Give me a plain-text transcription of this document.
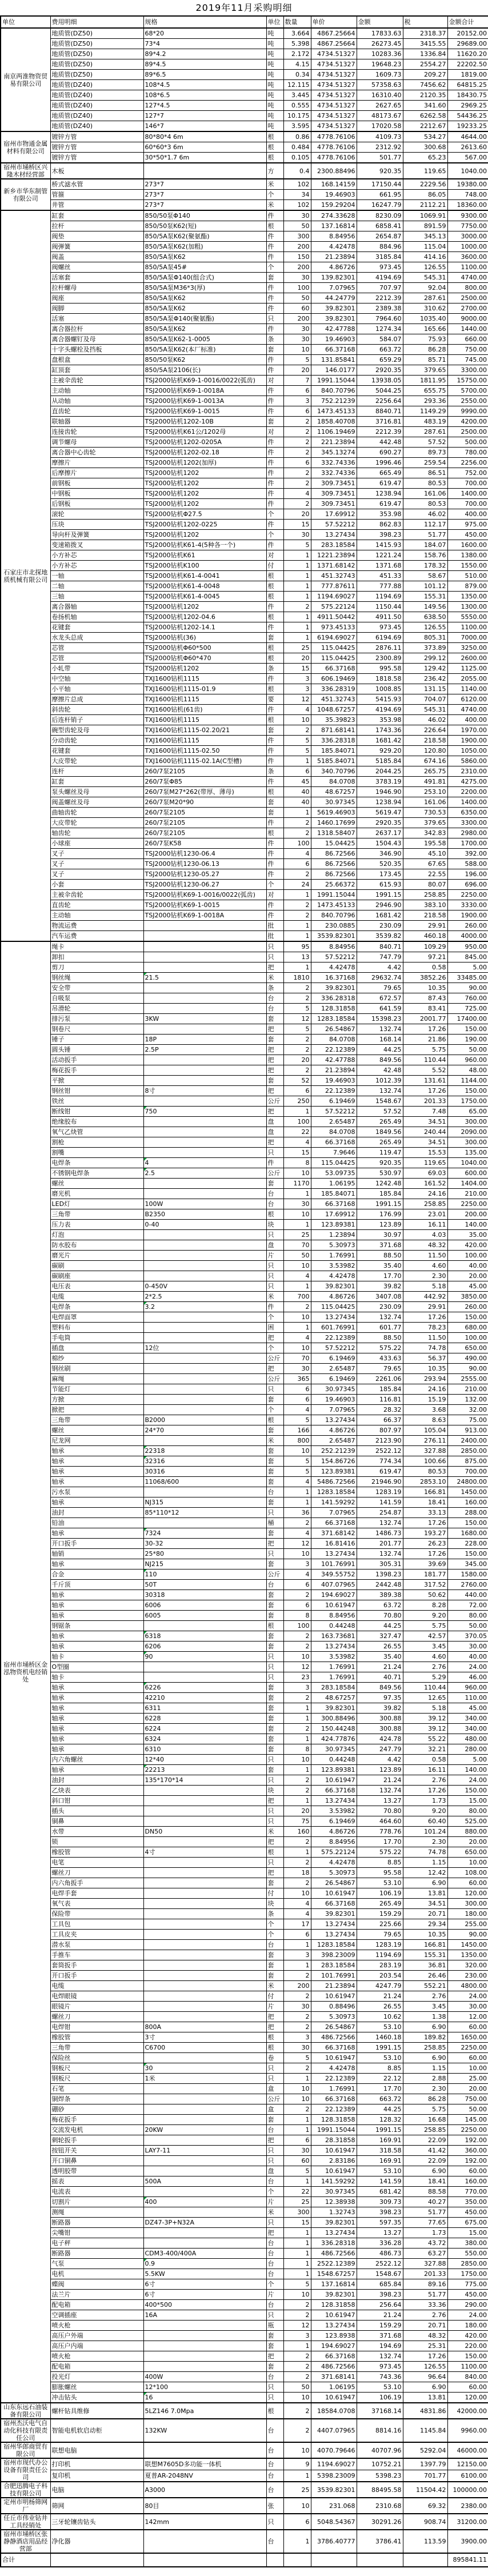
2019年11月采购明细
单位	费用明细	规格	单位	数量	单价	金额	税	金额合计
南京两淮物资贸易有限公司	地质管(DZ50)	68*20	吨	3.664	4867.25664	17833.63	2318.37	20152.00
	地质管(DZ50)	73*4	吨	5.398	4867.25664	26273.45	3415.55	29689.00
	地质管(DZ50)	89*4.2	吨	2.172	4734.51327	10283.36	1336.84	11620.20
	地质管(DZ50)	89*4.5	吨	4.15	4734.51327	19648.23	2554.27	22202.50
	地质管(DZ50)	89*6.5	吨	0.34	4734.51327	1609.73	209.27	1819.00
	地质管(DZ40)	108*4.5	吨	12.115	4734.51327	57358.63	7456.62	64815.25
	地质管(DZ40)	108*6.5	吨	3.445	4734.51327	16310.40	2120.35	18430.75
	地质管(DZ40)	127*4.5	吨	0.555	4734.51327	2627.65	341.60	2969.25
	地质管(DZ40)	127*7	吨	10.175	4734.51327	48173.67	6262.58	54436.25
	地质管(DZ40)	146*7	吨	3.595	4734.51327	17020.58	2212.67	19233.25
宿州市物通金属材料有限公司	镀锌方管	80*80*4 6m	根	0.86	4778.76106	4109.73	534.27	4644.00
	镀锌方管	60*60*3 6m	根	0.484	4778.76106	2312.92	300.68	2613.60
	镀锌方管	30*50*1.7 6m	根	0.105	4778.76106	501.77	65.23	567.00
宿州市埇桥区兴隆木材经营部	木板		方	0.4	2300.88496	920.35	119.65	1040.00
新乡市华东制管有限公司	桥式滤水管	273*7	米	102	168.14159	17150.44	2229.56	19380.00
	管箍	273*7	个	34	19.46903	661.95	86.05	748.00
	井管	273*7	米	102	159.29204	16247.79	2112.21	18360.00
石家庄市北探地质机械有限公司	缸套	850/50泵Φ140	件	30	274.33628	8230.09	1069.91	9300.00
	拉杆	850/50泵K62(短)	根	50	137.16814	6858.41	891.59	7750.00
	阀垫	850/5A泵K62(聚氨酯)	件	300	8.84956	2654.87	345.13	3000.00
	阀弹簧	850/5A泵K62(加粗)	件	200	4.42478	884.96	115.04	1000.00
	阀盖	850/5A泵K62	件	150	21.23894	3185.84	414.16	3600.00
	阀螺丝	850/5A泵45#	个	200	4.86726	973.45	126.55	1100.00
	活塞套	850/5A泵Φ140(组合式)	套	30	139.82301	4194.69	545.31	4740.00
	拉杆螺母	850/5A泵M36*3(厚)	件	100	7.07965	707.97	92.04	800.00
	阀座	850/5A泵K62	件	50	44.24779	2212.39	287.61	2500.00
	阀脚	850/5A泵K62	件	60	39.82301	2389.38	310.62	2700.00
	活塞	850/5A泵Φ140(聚氨酯)	只	200	39.82301	7964.60	1035.40	9000.00
	离合器拉杆	850/5A泵K62	件	30	42.47788	1274.34	165.66	1440.00
	离合器螺钉及母	850/5A泵K62-1-0005	条	30	19.46903	584.07	75.93	660.00
	十字头螺栓及挡板	850/5A泵K62(本厂标准)	套	10	66.37168	663.72	86.28	750.00
	盘根盒	850/50泵K62	件	5	131.85841	659.29	85.71	745.00
	缸顶套	850/5A泵2106(长)	件	20	146.0177	2920.35	379.65	3300.00
	主被伞齿轮	TSJ2000钻机K69-1-0016/0022(弧齿)	对	7	1991.15044	13938.05	1811.95	15750.00
	主动轴	TSJ2000钻机K69-1-0018A	件	6	840.70796	5044.25	655.75	5700.00
	从动轴	TSJ2000钻机K69-1-0013A	件	3	752.21239	2256.64	293.36	2550.00
	直齿轮	TSJ2000钻机K69-1-0015	件	6	1473.45133	8840.71	1149.29	9990.00
	联轴器	TSJ2000钻机1202-10B	套	2	1858.40708	3716.81	483.19	4200.00
	连接齿轮	TSJ2000钻机K61公/1202母	对	2	1106.19469	2212.39	287.61	2500.00
	调节螺母	TSJ2000钻机1202-0205A	件	2	221.23894	442.48	57.52	500.00
	离合器中心齿轮	TSJ2000钻机1202-02.18	件	2	345.13274	690.27	89.73	780.00
	摩擦片	TSJ2000钻机1202(加厚)	件	6	332.74336	1996.46	259.54	2256.00
	后摩擦片	TSJ2000钻机1202	件	2	332.74336	665.49	86.51	752.00
	前钢板	TSJ2000钻机1202	件	2	309.73451	619.47	80.53	700.00
	中钢板	TSJ2000钻机1202	件	4	309.73451	1238.94	161.06	1400.00
	后钢板	TSJ2000钻机1202	件	2	309.73451	619.47	80.53	700.00
	滚轮	TSJ2000钻机Φ27.5	个	20	17.69912	353.98	46.02	400.00
	压块	TSJ2000钻机1202-0225	件	15	57.52212	862.83	112.17	975.00
	导向杆及弹簧	TSJ2000钻机1202	个	30	13.27434	398.23	51.77	450.00
	变速箱拨叉	TSJ2000钻机K61-4(5种各一个)	件	5	283.18584	1415.93	184.07	1600.00
	小方补芯	TSJ2000钻机K61	对	1	1221.23894	1221.24	158.76	1380.00
	小方补芯	TSJ2000钻机K100	付	1	1371.68142	1371.68	178.32	1550.00
	一轴	TSJ2000钻机K61-4-0041	根	1	451.32743	451.33	58.67	510.00
	二轴	TSJ2000钻机K61-4-0048	根	1	777.87611	777.88	101.12	879.00
	三轴	TSJ2000钻机K61-4-0045	根	1	1194.69027	1194.69	155.31	1350.00
	离合器轴	TSJ2000钻机1202	件	2	575.22124	1150.44	149.56	1300.00
	卷扬机轴	TSJ2000钻机1202-04.6	根	1	4911.50442	4911.50	638.50	5550.00
	花键套	TSJ2000钻机1202-14.1	件	1	973.45133	973.45	126.55	1100.00
	水龙头总成	TSJ2000钻机(36)	套	1	6194.69027	6194.69	805.31	7000.00
	芯管	TSJ2000钻机Φ60*500	根	25	115.04425	2876.11	373.89	3250.00
	芯管	TSJ2000钻机Φ60*470	根	20	115.04425	2300.89	299.12	2600.00
	小轧带	TSJ2000钻机1202	条	15	66.37168	995.58	129.42	1125.00
	中空轴	TXJ1600钻机1115	件	3	606.19469	1818.58	236.42	2055.00
	小平轴	TXJ1600钻机1115-01.9	根	3	336.28319	1008.85	131.15	1140.00
	摩擦片总成	TXJ1600钻机1115	要	12	451.32743	5415.93	704.07	6120.00
	斜齿轮	TXJ1600钻机(61齿)	件	4	1048.67257	4194.69	545.31	4740.00
	后连杆销子	TXJ1600钻机1115	根	10	35.39823	353.98	46.02	400.00
	碗型齿轮及母	TXJ1600钻机1115-02.20/21	套	2	871.68141	1743.36	226.64	1970.00
	分动齿轮	TXJ1600钻机1115	件	5	336.28318	1681.42	218.58	1900.00
	花键套	TXJ1600钻机1115-02.50	件	5	185.84071	929.20	120.80	1050.00
	大皮带轮	TXJ1600钻机1115-02.1A(C型槽)	件	1	5185.84071	5185.84	674.16	5860.00
	连杆	260/7泵2105	条	6	340.70796	2044.25	265.75	2310.00
	缸套	260/7泵Φ85	件	45	84.0708	3783.19	491.81	4275.00
	泵头螺丝及母	260/7泵M27*262(带厚、薄母)	根	40	48.67257	1946.90	253.10	2200.00
	阀盖螺丝及母	260/7泵M20*90	套	40	30.97345	1238.94	161.06	1400.00
	曲轴齿轮	260/7泵2105	套	1	5619.46903	5619.47	730.53	6350.00
	大皮带轮	260/7泵2105	件	2	1460.17699	2920.35	379.65	3300.00
	轴齿轮	260/7泵2105	根	2	1318.58407	2637.17	342.83	2980.00
	小球座	260/7泵K58	件	100	15.04425	1504.43	195.58	1700.00
	叉子	TSJ2000钻机1230-06.4	件	4	86.72566	346.90	45.10	392.00
	叉子	TSJ2000钻机1230-06.13	件	6	86.72566	520.35	67.65	588.00
	叉子	TSJ2000钻机1230-05.27	件	2	86.72566	173.45	22.55	196.00
	小套	TSJ2000钻机1230-06.27	个	24	25.66372	615.93	80.07	696.00
	主被伞齿轮	TSJ2000钻机K69-1-0016/0022(弧齿)	对	1	1991.15044	1991.15	258.85	2250.00
	直齿轮	TSJ2000钻机K69-1-0015	件	2	1473.45133	2946.90	383.10	3330.00
	主动轴	TSJ2000钻机K69-1-0018A	件	2	840.70796	1681.42	218.58	1900.00
	物流运费		批	1	230.0885	230.09	29.91	260.00
	汽车运费		批	1	3539.82301	3539.82	460.18	4000.00
宿州市埇桥区金泓物资机电经销处	绳卡		只	95	8.84956	840.71	109.29	950.00
	卸扣		只	13	57.52212	747.79	97.21	845.00
	剪刀		把	1	4.42478	4.42	0.58	5.00
	钢丝绳	21.5	米	1810	16.37168	29632.74	3852.26	33485.00
	安全带		条	2	39.82301	79.65	10.35	90.00
	自吸泵		台	2	336.28318	672.57	87.43	760.00
	吊滑轮		台	5	128.31858	641.59	83.41	725.00
	排污泵	3KW	套	12	1283.18584	15398.23	2001.77	17400.00
	钢卷尺		把	5	26.54867	132.74	17.26	150.00
	锤子	18P	套	2	84.0708	168.14	21.86	190.00
	圆头锤	2.5P	把	2	22.12389	44.25	5.75	50.00
	活动扳手		把	20	42.47788	849.56	110.44	960.00
	梅花扳手		把	2	21.23894	42.48	5.52	48.00
	平掀		套	52	19.46903	1012.39	131.61	1144.00
	钢丝钳	8寸	把	6	22.12389	132.74	17.26	150.00
	铁丝		公斤	250	6.19469	1548.67	201.33	1750.00
	断线钳	750	把	1	57.52212	57.52	7.48	65.00
	绝缘胶布		盘	100	2.65487	265.49	34.51	300.00
	氧气乙炔管		盘	22	84.0708	1849.56	240.44	2090.00
	割枪		把	4	66.37168	265.49	34.51	300.00
	割嘴		只	15	7.9646	119.47	15.53	135.00
	电焊条	4	件	8	115.04425	920.35	119.65	1040.00
	不锈钢电焊条	2.5	公斤	10	53.09735	530.97	69.03	600.00
	螺丝		套	1170	1.06195	1242.48	161.52	1404.00
	磨光机		台	1	185.84071	185.84	24.16	210.00
	LED灯	100W	台	30	66.37168	1991.15	258.85	2250.00
	三角带	B2350	根	10	17.69912	176.99	23.01	200.00
	压力表	0-40	块	1	123.89381	123.89	16.11	140.00
	灯泡		只	25	1.23894	30.97	4.03	35.00
	防水胶布		盘	70	5.30973	371.68	48.32	420.00
	磨光片		片	50	1.76991	88.50	11.50	100.00
	碳刷		只	10	3.53982	35.40	4.60	40.00
	碳刷座		只	4	4.42478	17.70	2.30	20.00
	电压表	0-450V	只	1	39.82301	39.82	5.18	45.00
	电缆	2*2.5	米	700	4.86726	3407.08	442.92	3850.00
	电焊条	3.2	件	2	115.04425	230.09	29.91	260.00
	电焊面罩		个	10	13.27434	132.74	17.26	150.00
	塑料布		困	1	601.76991	601.77	78.23	680.00
	手电筒		把	4	22.12389	88.50	11.50	100.00
	插盘	12位	个	10	57.52212	575.22	74.78	650.00
	棉纱		公斤	70	6.19469	433.63	56.37	490.00
	钢丝刷		把	30	2.65487	79.65	10.35	90.00
	麻绳		公斤	365	6.19469	2261.06	293.94	2555.00
	节能灯		只	6	30.97345	185.84	24.16	210.00
	方掀		套	6	19.46903	116.81	15.19	132.00
	掀把		个	4	7.07965	28.32	3.68	32.00
	三角带	B2000	根	5	13.27434	66.37	8.63	75.00
	螺丝	24*70	套	166	4.86726	807.97	105.04	913.00
	尼龙网		米	800	2.65487	2123.90	276.11	2400.00
	轴承	22318	套	10	252.21239	2522.12	327.88	2850.00
	轴承	32316	套	5	154.86726	774.34	100.66	875.00
	轴承	30316	套	5	123.89381	619.47	80.53	700.00
	轴承	11068/600	套	4	5486.72566	21946.90	2853.10	24800.00
	污水泵		台	1	1283.18584	1283.19	166.81	1450.00
	轴承	NJ315	套	1	141.59292	141.59	18.41	160.00
	油封	85*110*12	只	36	7.07965	254.87	33.13	288.00
	铅油		桶	2	66.37168	132.74	17.26	150.00
	轴承	7324	套	4	371.68142	1486.73	193.27	1680.00
	开口扳手	30-32	把	12	16.81416	201.77	26.23	228.00
	轴销	25*80	只	10	13.27434	132.74	17.26	150.00
	轴承	NJ215	套	3	101.76991	305.31	39.69	345.00
	合金	110	公斤	4	349.55752	1398.23	181.77	1580.00
	千斤顶	50T	台	6	407.07965	2442.48	317.52	2760.00
	轴承	30318	套	2	194.69027	389.38	50.62	440.00
	轴承	6006	套	6	10.61947	63.72	8.28	72.00
	轴承	6005	套	8	8.84956	70.80	9.20	80.00
	钢锯条		根	100	0.44248	44.25	5.75	50.00
	轴承	6318	套	2	163.73681	327.47	42.57	370.05
	轴承	6206	套	2	13.27434	26.55	3.45	30.00
	轴卡	90	只	10	3.53982	35.40	4.60	40.00
	O型圈		只	12	1.76991	21.24	2.76	24.00
	轴卡		只	23	1.76991	40.71	5.29	46.00
	轴承	6226	套	3	283.18584	849.56	110.44	960.00
	轴承	42210	套	2	48.67257	97.35	12.65	110.00
	轴承	6311	套	1	39.82301	39.82	5.18	45.00
	轴承	6228	套	1	300.88496	300.88	39.12	340.00
	轴承	6224	套	2	150.44248	300.88	39.12	340.00
	轴承	6324	套	1	424.77876	424.78	55.22	480.00
	轴承	6310	套	8	30.97345	247.79	32.21	280.00
	内六角螺丝	12*40	只	10	0.44248	4.42	0.58	5.00
	轴承	22213	套	1	123.89381	123.89	16.11	140.00
	油封	135*170*14	只	2	10.61947	21.24	2.76	24.00
	乙炔表		块	2	66.37168	132.74	17.26	150.00
	斜口钳		把	1	13.27434	13.27	1.73	15.00
	插头		只	20	3.53982	70.80	9.20	80.00
	铜鼻		只	75	6.19469	464.60	60.40	525.00
	水带	DN50	米	160	4.86726	778.76	101.24	880.00
	锁		把	2	8.84956	17.70	2.30	20.00
	橡胶管	4寸	根	1	575.22124	575.22	74.78	650.00
	电笔		只	2	4.42478	8.85	1.15	10.00
	螺丝刀		把	18	5.30973	95.58	12.42	108.00
	内六角扳手		套	2	26.54867	53.10	6.90	60.00
	电焊手套		付	10	10.61947	106.19	13.81	120.00
	氧气表		块	4	66.37168	265.49	34.51	300.00
	保险带		条	4	39.82301	159.29	20.71	180.00
	工具包		个	17	13.27434	225.66	29.34	255.00
	工具皮夹		个	6	13.27434	79.65	10.35	90.00
	潜水泵		台	1	1283.18584	1283.19	166.81	1450.00
	手推车		套	3	398.23009	1194.69	155.31	1350.00
	套筒扳手		套	1	283.18584	283.19	36.81	320.00
	开口扳手		套	2	101.76991	203.54	26.46	230.00
	电缆		米	200	21.23894	4247.79	552.21	4800.00
	电焊眼镜		付	2	10.61947	21.24	2.76	24.00
	眼镜片		片	30	0.88496	26.55	3.45	30.00
	螺丝刀		把	2	5.30973	10.62	1.38	12.00
	电焊钳	800A	把	2	26.54867	53.10	6.90	60.00
	橡胶管	3寸	根	3	486.72566	1460.18	189.82	1650.00
	三角带	C6700	根	30	66.37168	1991.15	258.85	2250.00
	保险丝		卷	5	10.61947	53.10	6.90	60.00
	钢板尺	30	只	2	4.42478	8.85	1.15	10.00
	钢板尺	1米	只	1	22.12389	22.12	2.88	25.00
	石笔		盒	10	1.76991	17.70	2.30	20.00
	铜焊条		公斤	10	66.37168	663.72	86.28	750.00
	硼砂		盒	2	22.12389	44.25	5.75	50.00
	梅花扳手		套	1	128.31858	128.32	16.68	145.00
	交流发电机	20KW	台	1	1991.15044	1991.15	258.85	2250.00
	刺轮扳手		把	6	28.31858	169.91	22.09	192.00
	按钮开关	LAY7-11	只	30	10.61947	318.58	41.42	360.00
	开口铜鼻		只	60	2.83186	169.91	22.09	192.00
	透明胶带		盘	5	10.61947	53.10	6.90	60.00
	摇表	500A	台	1	141.59292	141.59	18.41	160.00
	电流表		个	22	30.97345	681.42	88.58	770.00
	切割片	400	片	25	12.38938	309.73	40.27	350.00
	测绳		米	300	1.32743	398.23	51.77	450.00
	断路器	DZ47-3P+N32A	只	15	39.82301	597.35	77.65	675.00
	尖嘴钳		把	1	13.27434	13.27	1.73	15.00
	电子秤		台	1	336.28318	336.28	43.72	380.00
	断路器	CDM3-400/400A	台	1	486.72566	486.73	63.27	550.00
	气泵	0.9	台	1	2522.12389	2522.12	327.88	2850.00
	电机	5.5KW	台	1	1548.67257	1548.67	201.33	1750.00
	蝶阀	6寸	个	5	137.16814	685.84	89.16	775.00
	法兰片	6寸	片	10	39.82301	398.23	51.77	450.00
	配电箱	400*500	台	2	128.31858	256.64	33.36	290.00
	空调插座	16A	只	2	10.61947	21.24	2.76	24.00
	喷火枪		瓶	12	13.27434	159.29	20.71	180.00
	高压户外端		套	3	123.8938	371.68	48.32	420.00
	高压户内端		套	1	194.69027	194.69	25.31	220.00
	喷火枪		把	2	66.37168	132.74	17.26	150.00
	配电箱		套	2	486.72566	973.45	126.55	1100.00
	投光灯	400W	台	2	371.68141	743.36	96.64	840.00
	膨胀螺丝	12*100	只	50	1.06195	53.10	6.90	60.00
	冲击钻头	16	只	10	10.61947	106.19	13.81	120.00
山东东远石油装备有限公司	螺杆钻具维修	5LZ146 7.0Mpa	根	2	18584.0708	37168.14	4831.86	42000.00
宿州杰沃电气自动化科技有限责任公司	智能电机软启动柜	132KW	台	2	4407.07965	8814.16	1145.84	9960.00
宿州华郎商贸有限公司	联想电脑		台	10	4070.79646	40707.96	5292.04	46000.00
宿州市现代办公设备有限责任公司	打印机	联想M7605D多功能一体机	台	9	1194.69027	10752.21	1397.79	12150.00
	复印机	夏普AR-2048NV	台	1	5398.23009	5398.23	701.77	6100.00
合肥迅腾电子科技有限公司	电脑	A3000	台	25	3539.82301	88495.58	11504.42	100000.00
定州市明杨筛网厂	筛网	80目	张	10	231.068	2310.68	69.32	2380.00
任丘市伟业钻井工具经销处	三牙轮镶齿钻头	142mm	只	6	5048.54367	30291.26	908.74	31200.00
宿州市埇桥区张静静酒店用品经营部	净化器		台	1	3786.40777	3786.41	113.59	3900.00
合计								895841.11
